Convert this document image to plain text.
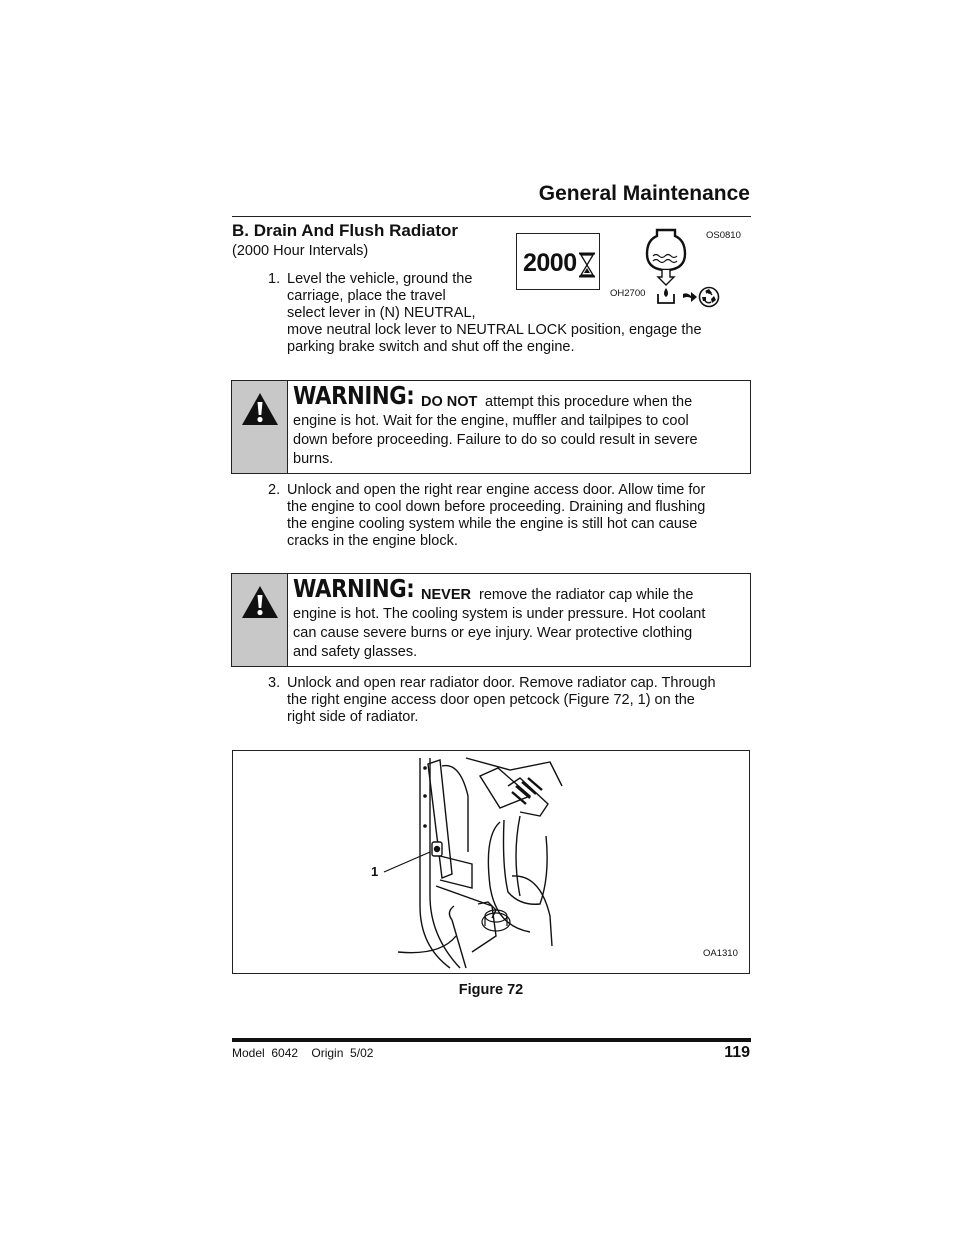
General Maintenance
B. Drain And Flush Radiator
(2000 Hour Intervals)	2000
OS0810
OH2700
1. Level the vehicle, ground the
carriage, place the travel
select lever in (N) NEUTRAL,
move neutral lock lever to NEUTRAL LOCK position, engage the
parking brake switch and shut off the engine.
WARNING: DO NOT attempt this procedure when the
engine is hot. Wait for the engine, muffler and tailpipes to cool
down before proceeding. Failure to do so could result in severe
burns.
2. Unlock and open the right rear engine access door. Allow time for
the engine to cool down before proceeding. Draining and flushing
the engine cooling system while the engine is still hot can cause
cracks in the engine block.
WARNING: NEVER remove the radiator cap while the
engine is hot. The cooling system is under pressure. Hot coolant
can cause severe burns or eye injury. Wear protective clothing
and safety glasses.
3. Unlock and open rear radiator door. Remove radiator cap. Through
the right engine access door open petcock (Figure 72, 1) on the
right side of radiator.
1
OA1310
Figure 72
Model  6042    Origin  5/02	119
